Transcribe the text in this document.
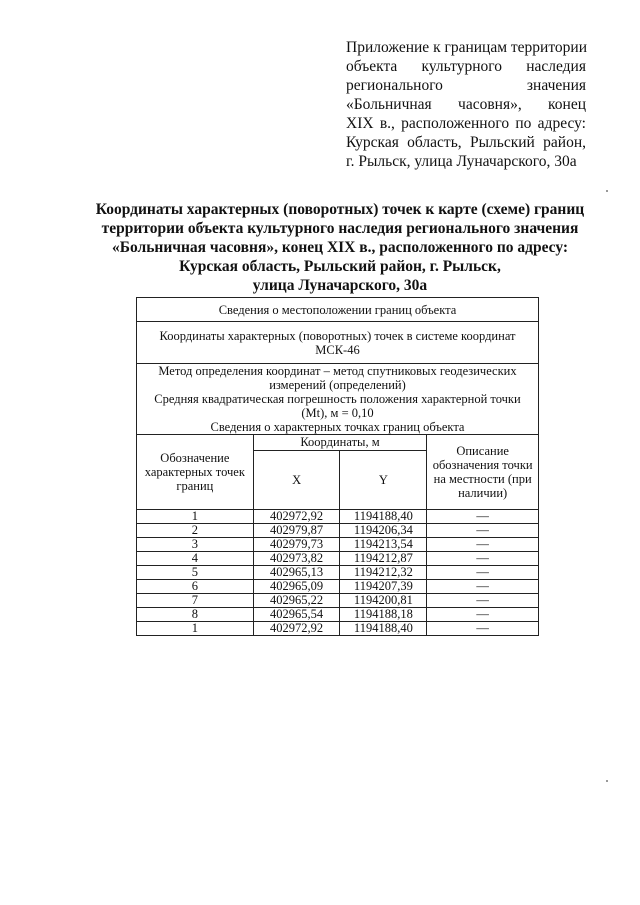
Приложение к границам территории
объекта культурного наследия
регионального значения
«Больничная часовня», конец
XIX в., расположенного по адресу:
Курская область, Рыльский район,
г. Рыльск, улица Луначарского, 30а
Координаты характерных (поворотных) точек к карте (схеме) границ
территории объекта культурного наследия регионального значения
«Больничная часовня», конец XIX в., расположенного по адресу:
Курская область, Рыльский район, г. Рыльск,
улица Луначарского, 30а
Сведения о местоположении границ объекта			
Координаты характерных (поворотных) точек в системе координат МСК-46			

Метод определения координат – метод спутниковых геодезических
измерений (определений)
Средняя квадратическая погрешность положения характерной точки
(Mt), м = 0,10
Сведения о характерных точках границ объекта			

Обозначение характерных точек границ	Координаты, м		Описание обозначения точки на местности (при наличии)
	X	Y	
1	402972,92	1194188,40	—
2	402979,87	1194206,34	—
3	402979,73	1194213,54	—
4	402973,82	1194212,87	—
5	402965,13	1194212,32	—
6	402965,09	1194207,39	—
7	402965,22	1194200,81	—
8	402965,54	1194188,18	—
1	402972,92	1194188,40	—
